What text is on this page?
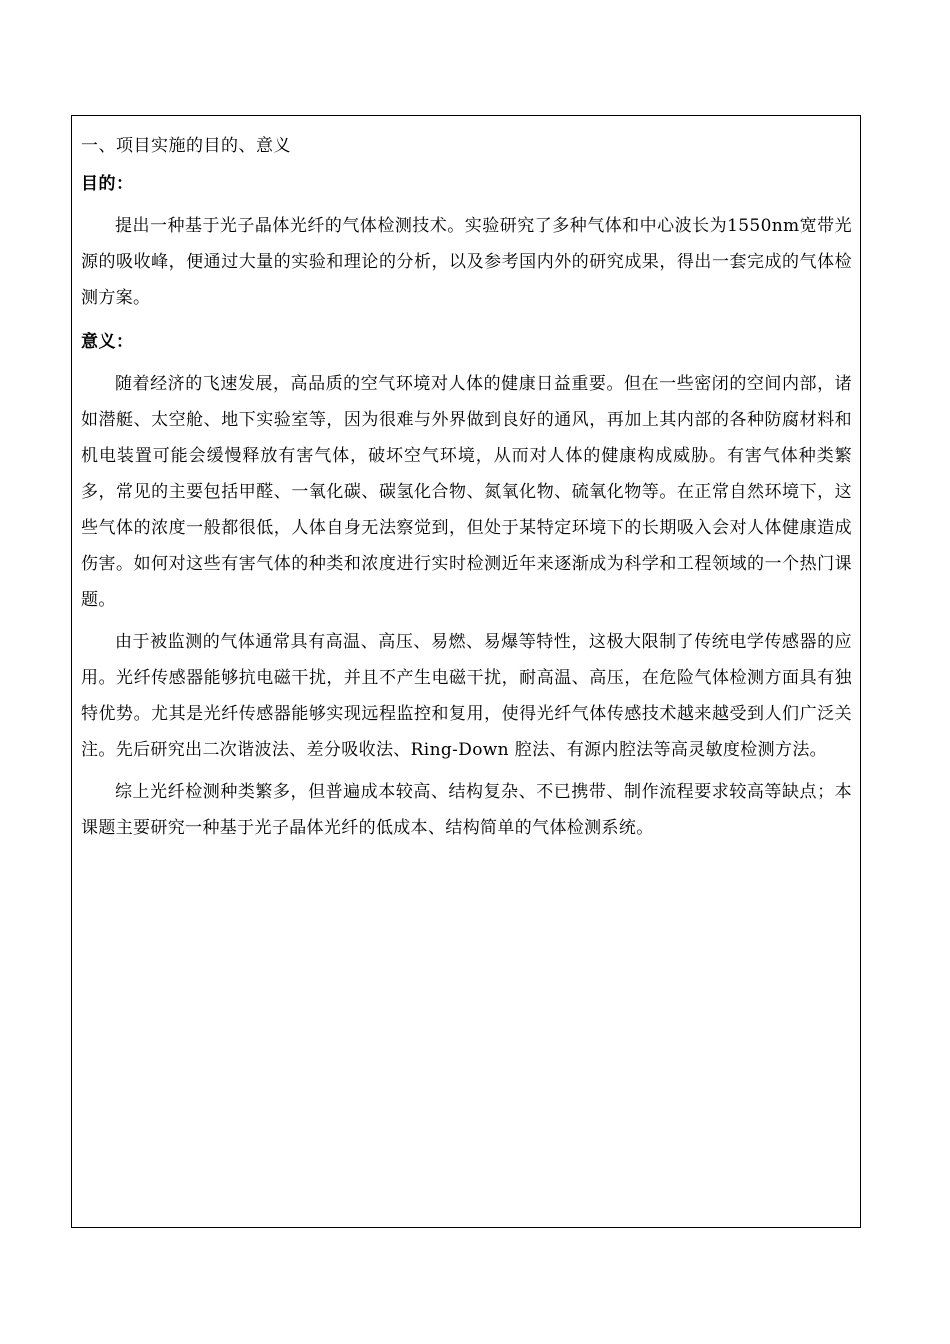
一、项目实施的目的、意义

目的：

提出一种基于光子晶体光纤的气体检测技术。实验研究了多种气体和中心波长为1550nm宽带光源的吸收峰，便通过大量的实验和理论的分析，以及参考国内外的研究成果，得出一套完成的气体检测方案。

意义：

随着经济的飞速发展，高品质的空气环境对人体的健康日益重要。但在一些密闭的空间内部，诸如潜艇、太空舱、地下实验室等，因为很难与外界做到良好的通风，再加上其内部的各种防腐材料和机电装置可能会缓慢释放有害气体，破坏空气环境，从而对人体的健康构成威胁。有害气体种类繁多，常见的主要包括甲醛、一氧化碳、碳氢化合物、氮氧化物、硫氧化物等。在正常自然环境下，这些气体的浓度一般都很低，人体自身无法察觉到，但处于某特定环境下的长期吸入会对人体健康造成伤害。如何对这些有害气体的种类和浓度进行实时检测近年来逐渐成为科学和工程领域的一个热门课题。

由于被监测的气体通常具有高温、高压、易燃、易爆等特性，这极大限制了传统电学传感器的应用。光纤传感器能够抗电磁干扰，并且不产生电磁干扰，耐高温、高压，在危险气体检测方面具有独特优势。尤其是光纤传感器能够实现远程监控和复用，使得光纤气体传感技术越来越受到人们广泛关注。先后研究出二次谐波法、差分吸收法、Ring-Down 腔法、有源内腔法等高灵敏度检测方法。

综上光纤检测种类繁多，但普遍成本较高、结构复杂、不已携带、制作流程要求较高等缺点；本课题主要研究一种基于光子晶体光纤的低成本、结构简单的气体检测系统。
